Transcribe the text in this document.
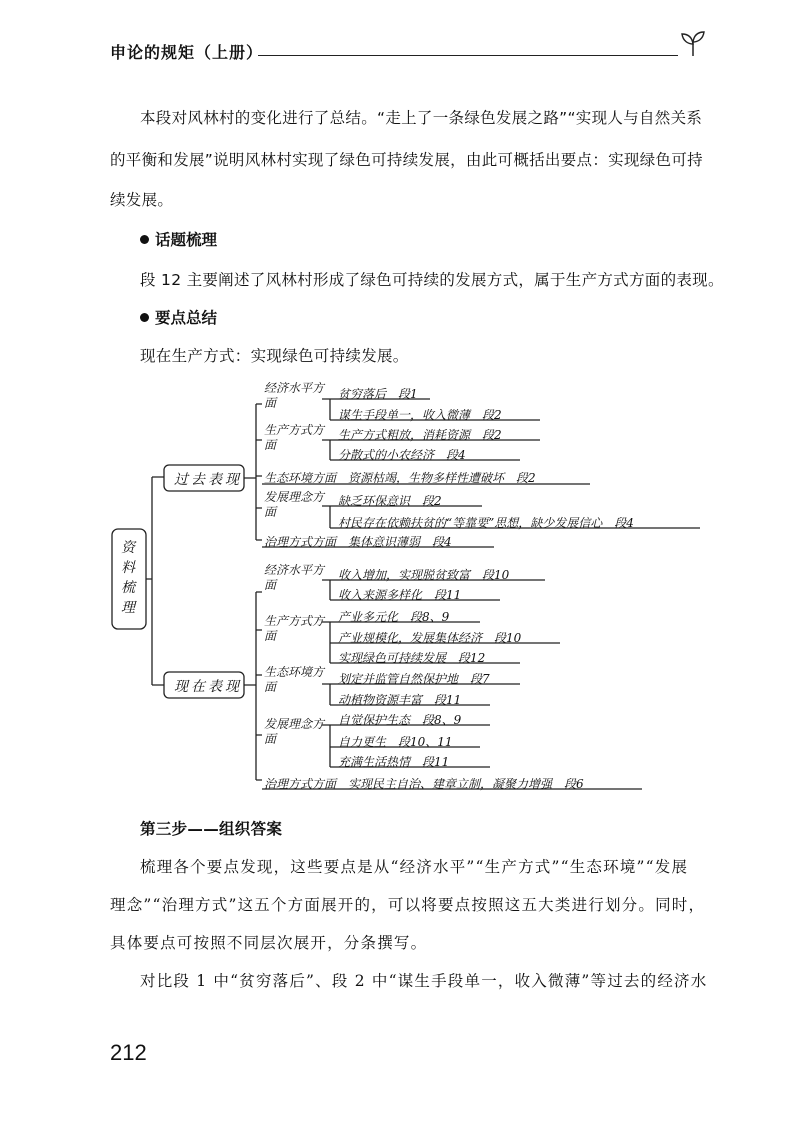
申论的规矩（上册）
本段对风林村的变化进行了总结。“走上了一条绿色发展之路”“实现人与自然关系
的平衡和发展”说明风林村实现了绿色可持续发展，由此可概括出要点：实现绿色可持
续发展。
话题梳理
段 12 主要阐述了风林村形成了绿色可持续的发展方式，属于生产方式方面的表现。
要点总结
现在生产方式：实现绿色可持续发展。
资料梳理
过去表现
现在表现
经济水平方面
贫穷落后　段1
谋生手段单一，收入微薄　段2
生产方式方面
生产方式粗放，消耗资源　段2
分散式的小农经济　段4
生态环境方面　资源枯竭，生物多样性遭破坏　段2
发展理念方面
缺乏环保意识　段2
村民存在依赖扶贫的“等靠要”思想，缺少发展信心　段4
治理方式方面　集体意识薄弱　段4
经济水平方面
收入增加，实现脱贫致富　段10
收入来源多样化　段11
生产方式方面
产业多元化　段8、9
产业规模化，发展集体经济　段10
实现绿色可持续发展　段12
生态环境方面
划定并监管自然保护地　段7
动植物资源丰富　段11
发展理念方面
自觉保护生态　段8、9
自力更生　段10、11
充满生活热情　段11
治理方式方面　实现民主自治、建章立制，凝聚力增强　段6
第三步——组织答案
梳理各个要点发现，这些要点是从“经济水平”“生产方式”“生态环境”“发展
理念”“治理方式”这五个方面展开的，可以将要点按照这五大类进行划分。同时，
具体要点可按照不同层次展开，分条撰写。
对比段 1 中“贫穷落后”、段 2 中“谋生手段单一，收入微薄”等过去的经济水
212
